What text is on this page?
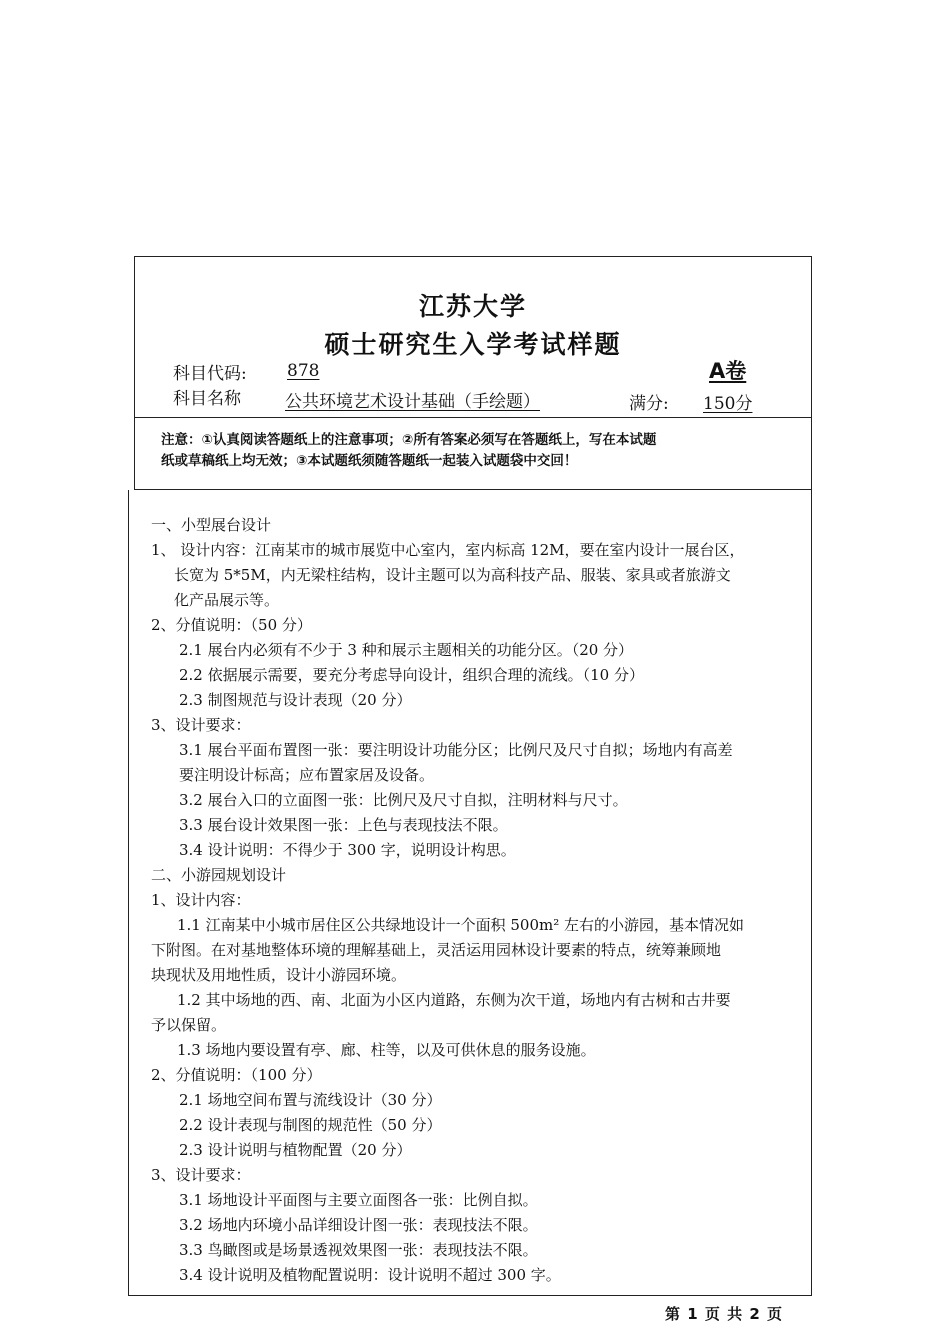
江苏大学
硕士研究生入学考试样题
科目代码: 878	A卷
科目名称	公共环境艺术设计基础（手绘题）	满分: 150分
注意：①认真阅读答题纸上的注意事项；②所有答案必须写在答题纸上，写在本试题
纸或草稿纸上均无效；③本试题纸须随答题纸一起装入试题袋中交回！
一、小型展台设计
1、 设计内容：江南某市的城市展览中心室内，室内标高 12M，要在室内设计一展台区，
长宽为 5*5M，内无梁柱结构，设计主题可以为高科技产品、服装、家具或者旅游文
化产品展示等。
2、分值说明：（50 分）
2.1 展台内必须有不少于 3 种和展示主题相关的功能分区。（20 分）
2.2 依据展示需要，要充分考虑导向设计，组织合理的流线。（10 分）
2.3 制图规范与设计表现（20 分）
3、设计要求：
3.1 展台平面布置图一张：要注明设计功能分区；比例尺及尺寸自拟；场地内有高差
要注明设计标高；应布置家居及设备。
3.2 展台入口的立面图一张：比例尺及尺寸自拟，注明材料与尺寸。
3.3 展台设计效果图一张：上色与表现技法不限。
3.4 设计说明：不得少于 300 字，说明设计构思。
二、小游园规划设计
1、设计内容：
1.1 江南某中小城市居住区公共绿地设计一个面积 500m² 左右的小游园，基本情况如
下附图。在对基地整体环境的理解基础上，灵活运用园林设计要素的特点，统筹兼顾地
块现状及用地性质，设计小游园环境。
1.2 其中场地的西、南、北面为小区内道路，东侧为次干道，场地内有古树和古井要
予以保留。
1.3 场地内要设置有亭、廊、柱等，以及可供休息的服务设施。
2、分值说明：（100 分）
2.1 场地空间布置与流线设计（30 分）
2.2 设计表现与制图的规范性（50 分）
2.3 设计说明与植物配置（20 分）
3、设计要求：
3.1 场地设计平面图与主要立面图各一张：比例自拟。
3.2 场地内环境小品详细设计图一张：表现技法不限。
3.3 鸟瞰图或是场景透视效果图一张：表现技法不限。
3.4 设计说明及植物配置说明：设计说明不超过 300 字。
第 1 页 共 2 页
